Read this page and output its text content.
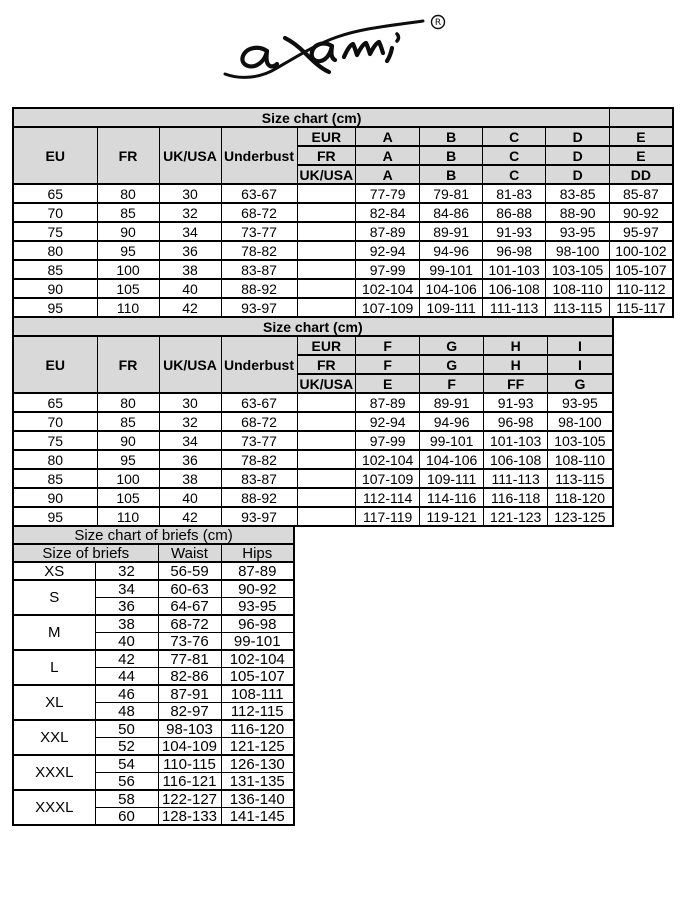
R
Size chart (cm)									
EU	FR	UK/USA	Underbust	EUR	A	B	C	D	E
				FR	A	B	C	D	E
				UK/USA	A	B	C	D	DD
65	80	30	63-67		77-79	79-81	81-83	83-85	85-87
70	85	32	68-72		82-84	84-86	86-88	88-90	90-92
75	90	34	73-77		87-89	89-91	91-93	93-95	95-97
80	95	36	78-82		92-94	94-96	96-98	98-100	100-102
85	100	38	83-87		97-99	99-101	101-103	103-105	105-107
90	105	40	88-92		102-104	104-106	106-108	108-110	110-112
95	110	42	93-97		107-109	109-111	111-113	113-115	115-117
Size chart (cm)								
EU	FR	UK/USA	Underbust	EUR	F	G	H	I
				FR	F	G	H	I
				UK/USA	E	F	FF	G
65	80	30	63-67		87-89	89-91	91-93	93-95
70	85	32	68-72		92-94	94-96	96-98	98-100
75	90	34	73-77		97-99	99-101	101-103	103-105
80	95	36	78-82		102-104	104-106	106-108	108-110
85	100	38	83-87		107-109	109-111	111-113	113-115
90	105	40	88-92		112-114	114-116	116-118	118-120
95	110	42	93-97		117-119	119-121	121-123	123-125
Size chart of briefs (cm)			
Size of briefs		Waist	Hips
XS	32	56-59	87-89
S	34	60-63	90-92
	36	64-67	93-95
M	38	68-72	96-98
	40	73-76	99-101
L	42	77-81	102-104
	44	82-86	105-107
XL	46	87-91	108-111
	48	82-97	112-115
XXL	50	98-103	116-120
	52	104-109	121-125
XXXL	54	110-115	126-130
	56	116-121	131-135
XXXL	58	122-127	136-140
	60	128-133	141-145
